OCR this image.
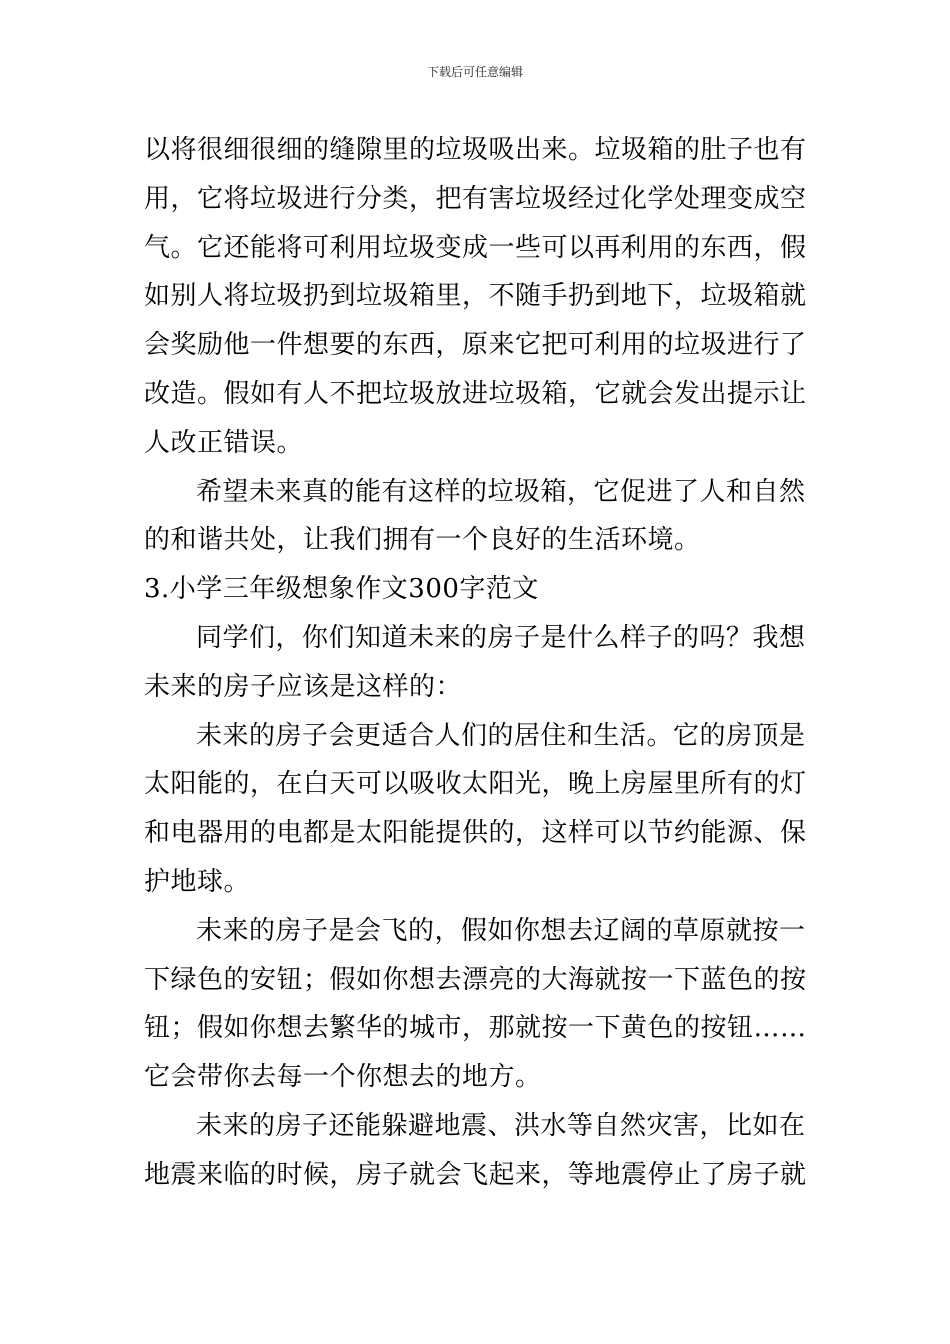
下载后可任意编辑
以将很细很细的缝隙里的垃圾吸出来。垃圾箱的肚子也有
用，它将垃圾进行分类，把有害垃圾经过化学处理变成空
气。它还能将可利用垃圾变成一些可以再利用的东西，假
如别人将垃圾扔到垃圾箱里，不随手扔到地下，垃圾箱就
会奖励他一件想要的东西，原来它把可利用的垃圾进行了
改造。假如有人不把垃圾放进垃圾箱，它就会发出提示让
人改正错误。
希望未来真的能有这样的垃圾箱，它促进了人和自然
的和谐共处，让我们拥有一个良好的生活环境。
3.小学三年级想象作文300字范文
同学们，你们知道未来的房子是什么样子的吗？我想
未来的房子应该是这样的：
未来的房子会更适合人们的居住和生活。它的房顶是
太阳能的，在白天可以吸收太阳光，晚上房屋里所有的灯
和电器用的电都是太阳能提供的，这样可以节约能源、保
护地球。
未来的房子是会飞的，假如你想去辽阔的草原就按一
下绿色的安钮；假如你想去漂亮的大海就按一下蓝色的按
钮；假如你想去繁华的城市，那就按一下黄色的按钮……
它会带你去每一个你想去的地方。
未来的房子还能躲避地震、洪水等自然灾害，比如在
地震来临的时候，房子就会飞起来，等地震停止了房子就
